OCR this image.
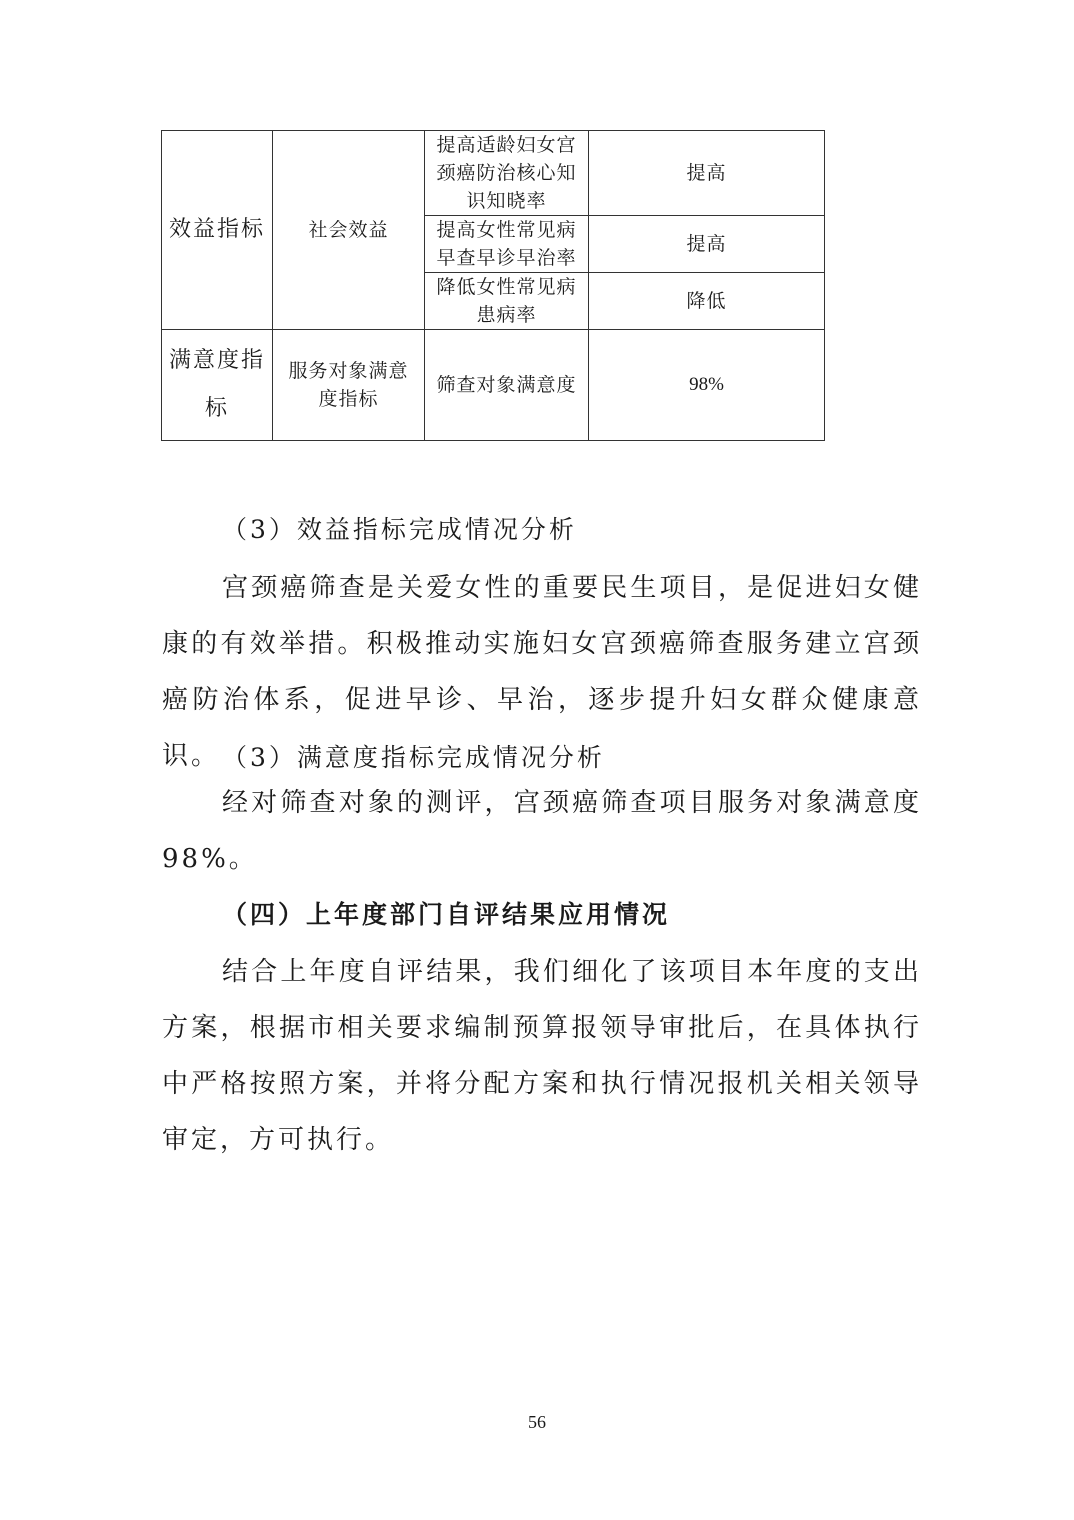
效益指标	社会效益	提高适龄妇女宫颈癌防治核心知识知晓率	提高
		提高女性常见病早查早诊早治率	提高
		降低女性常见病患病率	降低
满意度指标	服务对象满意度指标	筛查对象满意度	98%

（3）效益指标完成情况分析

宫颈癌筛查是关爱女性的重要民生项目，是促进妇女健康的有效举措。积极推动实施妇女宫颈癌筛查服务建立宫颈癌防治体系，促进早诊、早治，逐步提升妇女群众健康意识。 （3）满意度指标完成情况分析

经对筛查对象的测评，宫颈癌筛查项目服务对象满意度98%。

（四）上年度部门自评结果应用情况

结合上年度自评结果，我们细化了该项目本年度的支出方案，根据市相关要求编制预算报领导审批后，在具体执行中严格按照方案，并将分配方案和执行情况报机关相关领导审定，方可执行。

56
